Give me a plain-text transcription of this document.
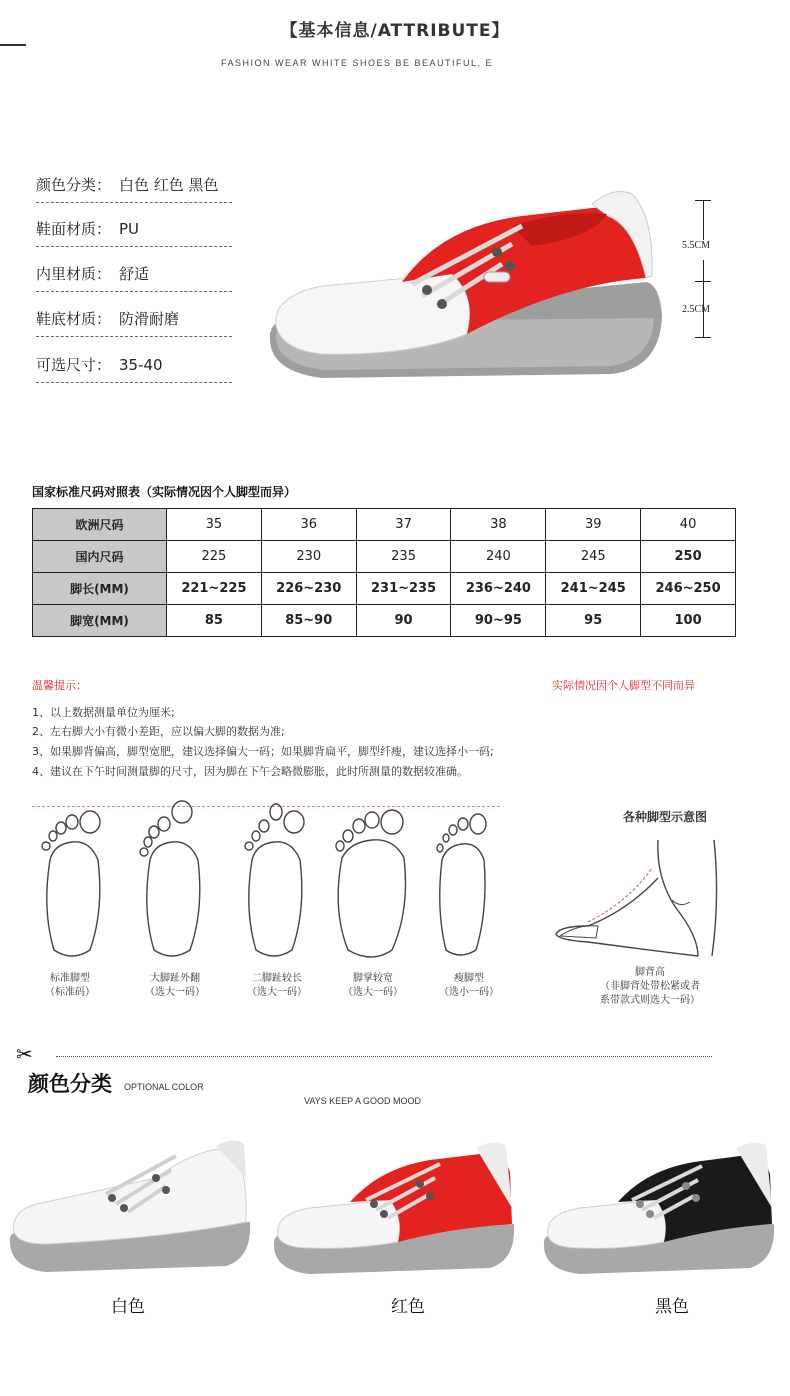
【基本信息/ATTRIBUTE】
FASHION WEAR WHITE SHOES BE BEAUTIFUL, E
颜色分类： 白色 红色 黑色
鞋面材质： PU
内里材质： 舒适
鞋底材质： 防滑耐磨
可选尺寸： 35-40
5.5CM
2.5CM
国家标准尺码对照表（实际情况因个人脚型而异）
欧洲尺码	35	36	37	38	39	40
国内尺码	225	230	235	240	245	250
脚长(MM)	221~225	226~230	231~235	236~240	241~245	246~250
脚宽(MM)	85	85~90	90	90~95	95	100
温馨提示：	实际情况因个人脚型不同而异
1、以上数据测量单位为厘米;
2、左右脚大小有微小差距，应以偏大脚的数据为准;
3、如果脚背偏高，脚型宽肥，建议选择偏大一码；如果脚背扁平，脚型纤瘦，建议选择小一码;
4、建议在下午时间测量脚的尺寸，因为脚在下午会略微膨胀，此时所测量的数据较准确。
标准脚型
（标准码）
大脚趾外翻
（选大一码）
二脚趾较长
（选大一码）
脚掌较宽
（选大一码）
瘦脚型
（选小一码）
各种脚型示意图
脚背高
（非脚背处带松紧或者
系带款式则选大一码）
✂
颜色分类 OPTIONAL COLOR
VAYS KEEP A GOOD MOOD
白色	红色	黑色
